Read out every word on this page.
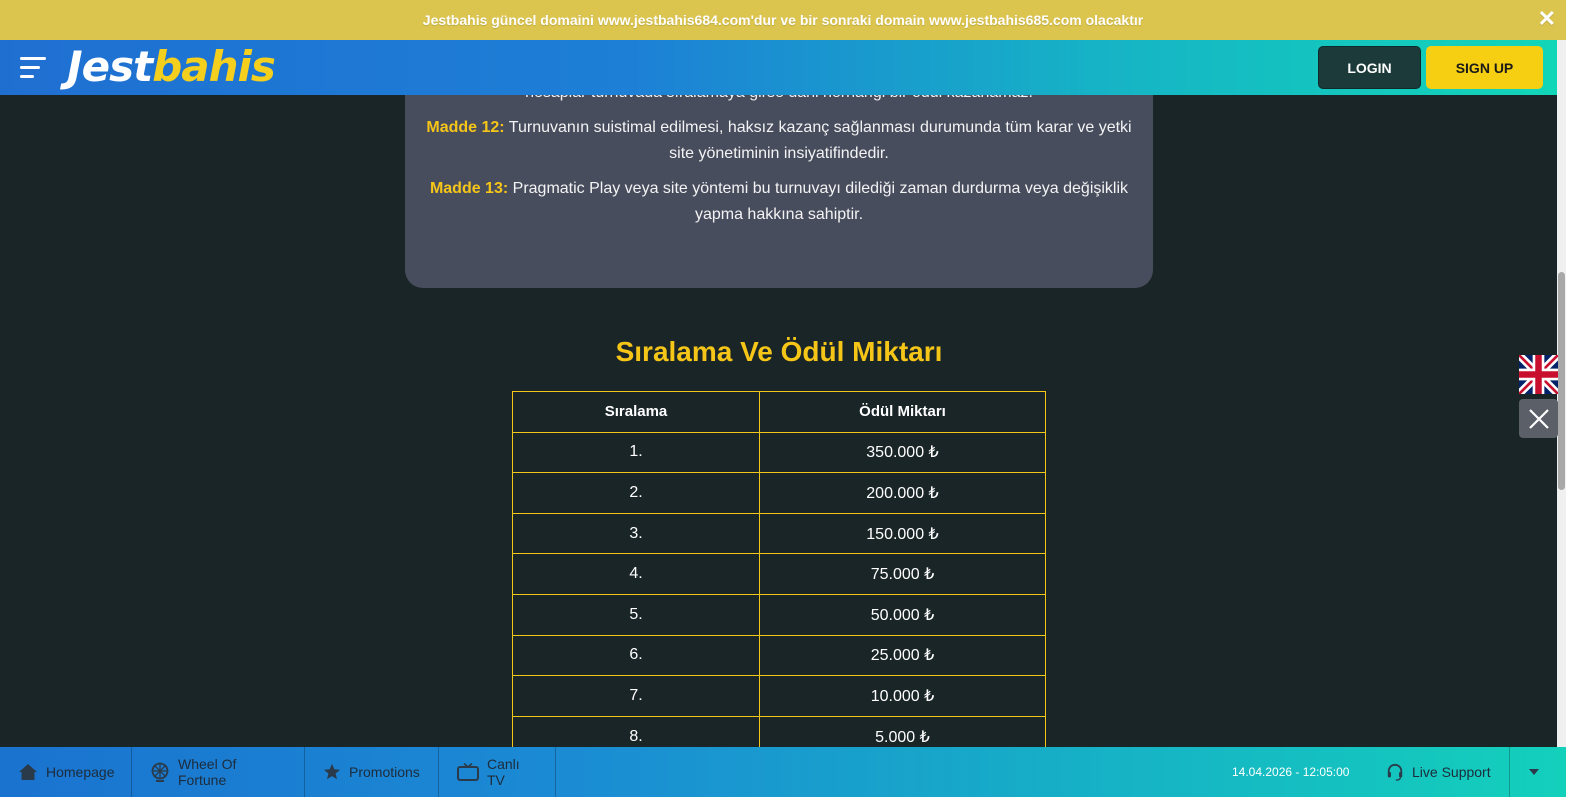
Jestbahis güncel domaini www.jestbahis684.com'dur ve bir sonraki domain www.jestbahis685.com olacaktır	✕
Jestbahis	LOGIN	SIGN UP

Madde 12: Turnuvanın suistimal edilmesi, haksız kazanç sağlanması durumunda tüm karar ve yetki site yönetiminin insiyatifindedir.

Madde 13: Pragmatic Play veya site yöntemi bu turnuvayı dilediği zaman durdurma veya değişiklik yapma hakkına sahiptir.

Sıralama Ve Ödül Miktarı
Sıralama	Ödül Miktarı
1.	350.000 ₺
2.	200.000 ₺
3.	150.000 ₺
4.	75.000 ₺
5.	50.000 ₺
6.	25.000 ₺
7.	10.000 ₺
8.	5.000 ₺
Homepage	Wheel Of Fortune	Promotions	Canlı TV	14.04.2026 - 12:05:00	Live Support
